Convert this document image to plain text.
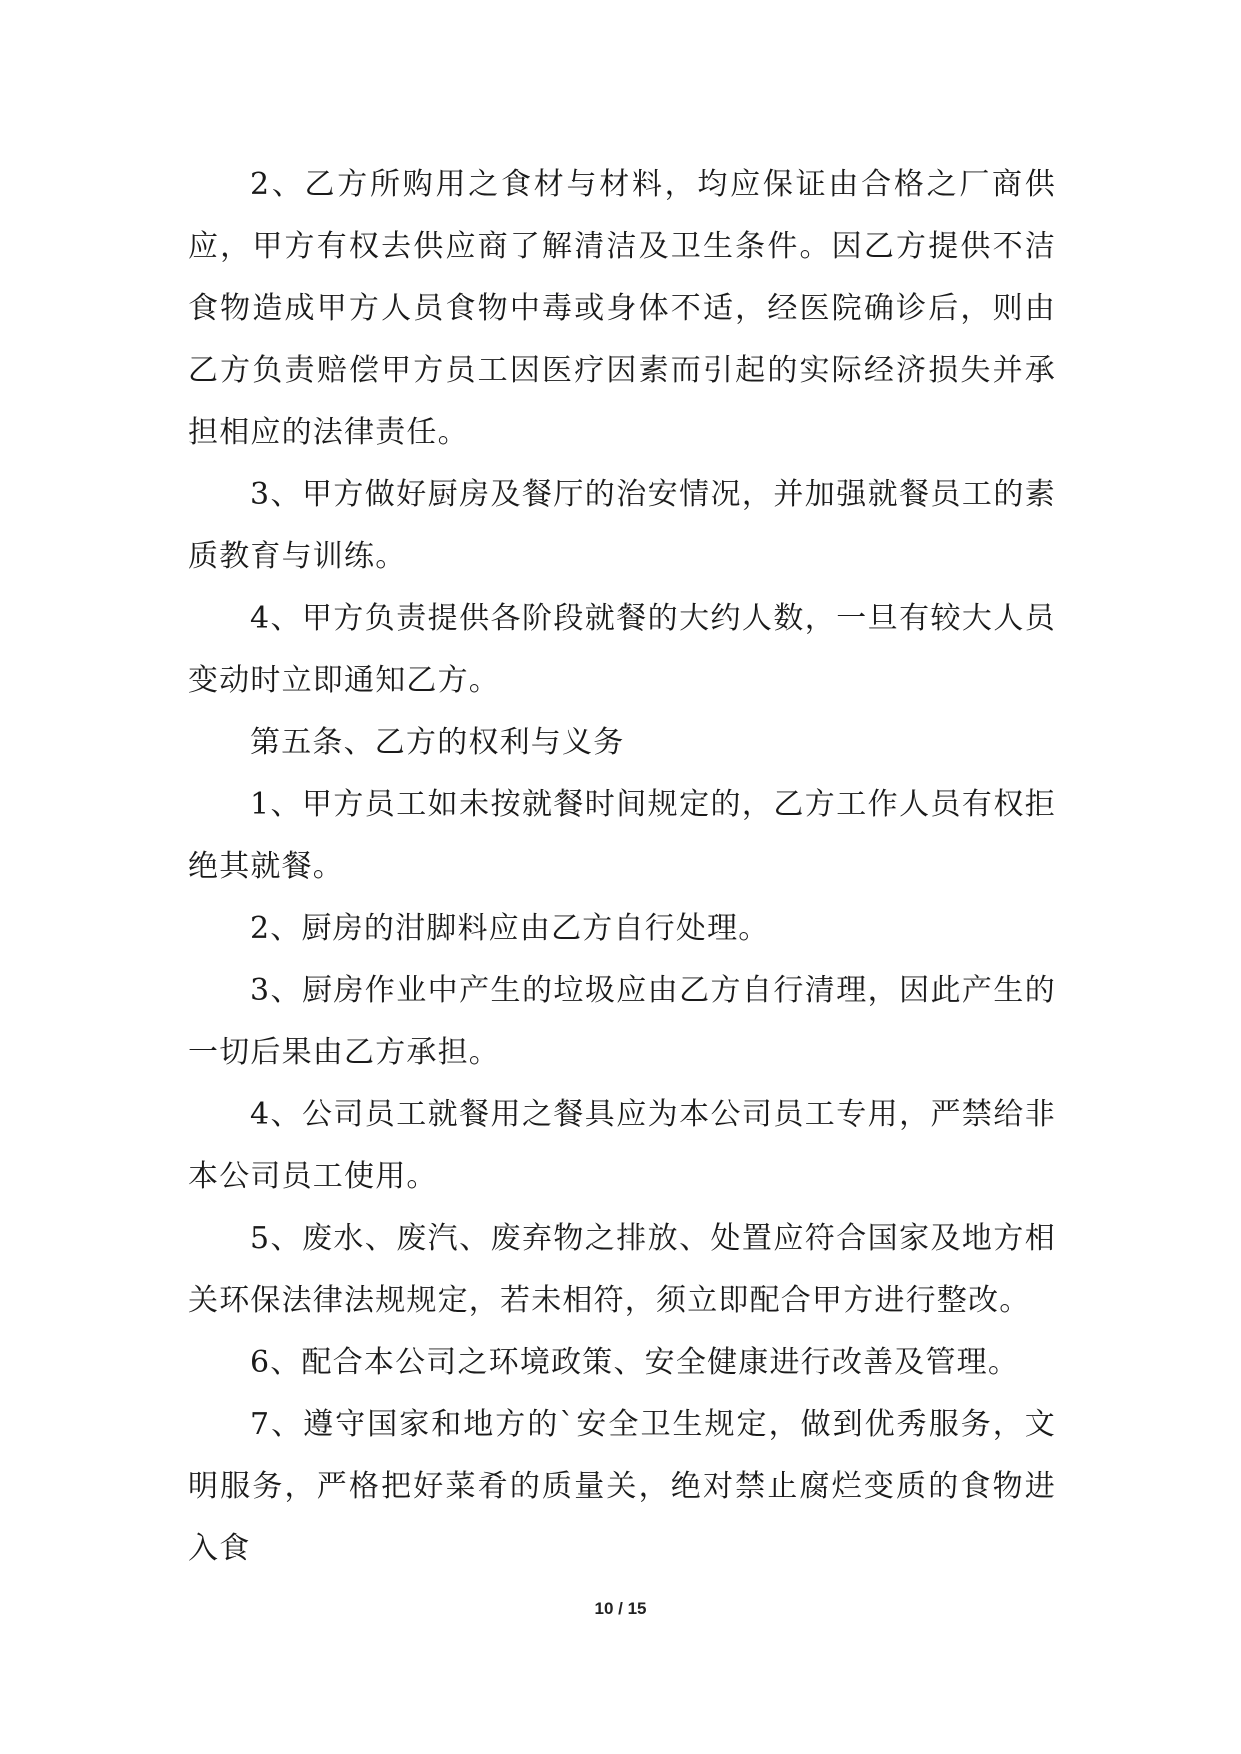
2、乙方所购用之食材与材料，均应保证由合格之厂商供应，甲方有权去供应商了解清洁及卫生条件。因乙方提供不洁食物造成甲方人员食物中毒或身体不适，经医院确诊后，则由乙方负责赔偿甲方员工因医疗因素而引起的实际经济损失并承担相应的法律责任。

3、甲方做好厨房及餐厅的治安情况，并加强就餐员工的素质教育与训练。

4、甲方负责提供各阶段就餐的大约人数，一旦有较大人员变动时立即通知乙方。

第五条、乙方的权利与义务

1、甲方员工如未按就餐时间规定的，乙方工作人员有权拒绝其就餐。

2、厨房的泔脚料应由乙方自行处理。

3、厨房作业中产生的垃圾应由乙方自行清理，因此产生的一切后果由乙方承担。

4、公司员工就餐用之餐具应为本公司员工专用，严禁给非本公司员工使用。

5、废水、废汽、废弃物之排放、处置应符合国家及地方相关环保法律法规规定，若未相符，须立即配合甲方进行整改。

6、配合本公司之环境政策、安全健康进行改善及管理。

7、遵守国家和地方的`安全卫生规定，做到优秀服务，文明服务，严格把好菜肴的质量关，绝对禁止腐烂变质的食物进入食

10 / 15
